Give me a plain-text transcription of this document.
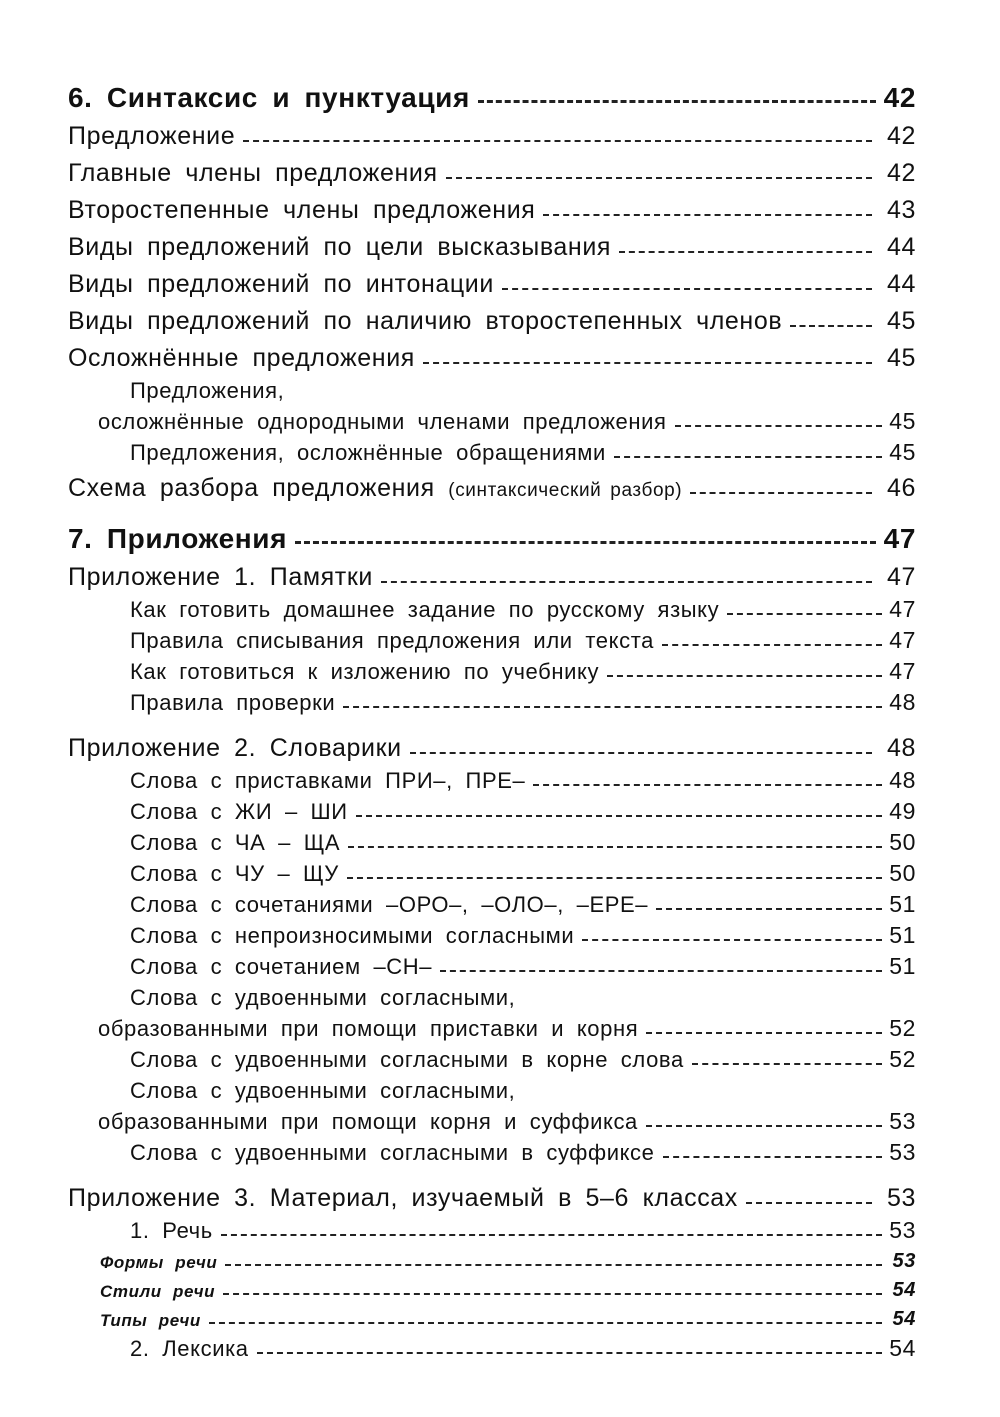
6. Синтаксис и пунктуация	42
Предложение	42
Главные члены предложения	42
Второстепенные члены предложения	43
Виды предложений по цели высказывания	44
Виды предложений по интонации	44
Виды предложений по наличию второстепенных членов	45
Осложнённые предложения	45
Предложения,
осложнённые однородными членами предложения	45
Предложения, осложнённые обращениями	45
Схема разбора предложения (синтаксический разбор)	46
7. Приложения	47
Приложение 1. Памятки	47
Как готовить домашнее задание по русскому языку	47
Правила списывания предложения или текста	47
Как готовиться к изложению по учебнику	47
Правила проверки	48
Приложение 2. Словарики	48
Слова с приставками ПРИ–, ПРЕ–	48
Слова с ЖИ – ШИ	49
Слова с ЧА – ЩА	50
Слова с ЧУ – ЩУ	50
Слова с сочетаниями –ОРО–, –ОЛО–, –ЕРЕ–	51
Слова с непроизносимыми согласными	51
Слова с сочетанием –СН–	51
Слова с удвоенными согласными,
образованными при помощи приставки и корня	52
Слова с удвоенными согласными в корне слова	52
Слова с удвоенными согласными,
образованными при помощи корня и суффикса	53
Слова с удвоенными согласными в суффиксе	53
Приложение 3. Материал, изучаемый в 5–6 классах	53
1. Речь	53
Формы речи	53
Стили речи	54
Типы речи	54
2. Лексика	54
